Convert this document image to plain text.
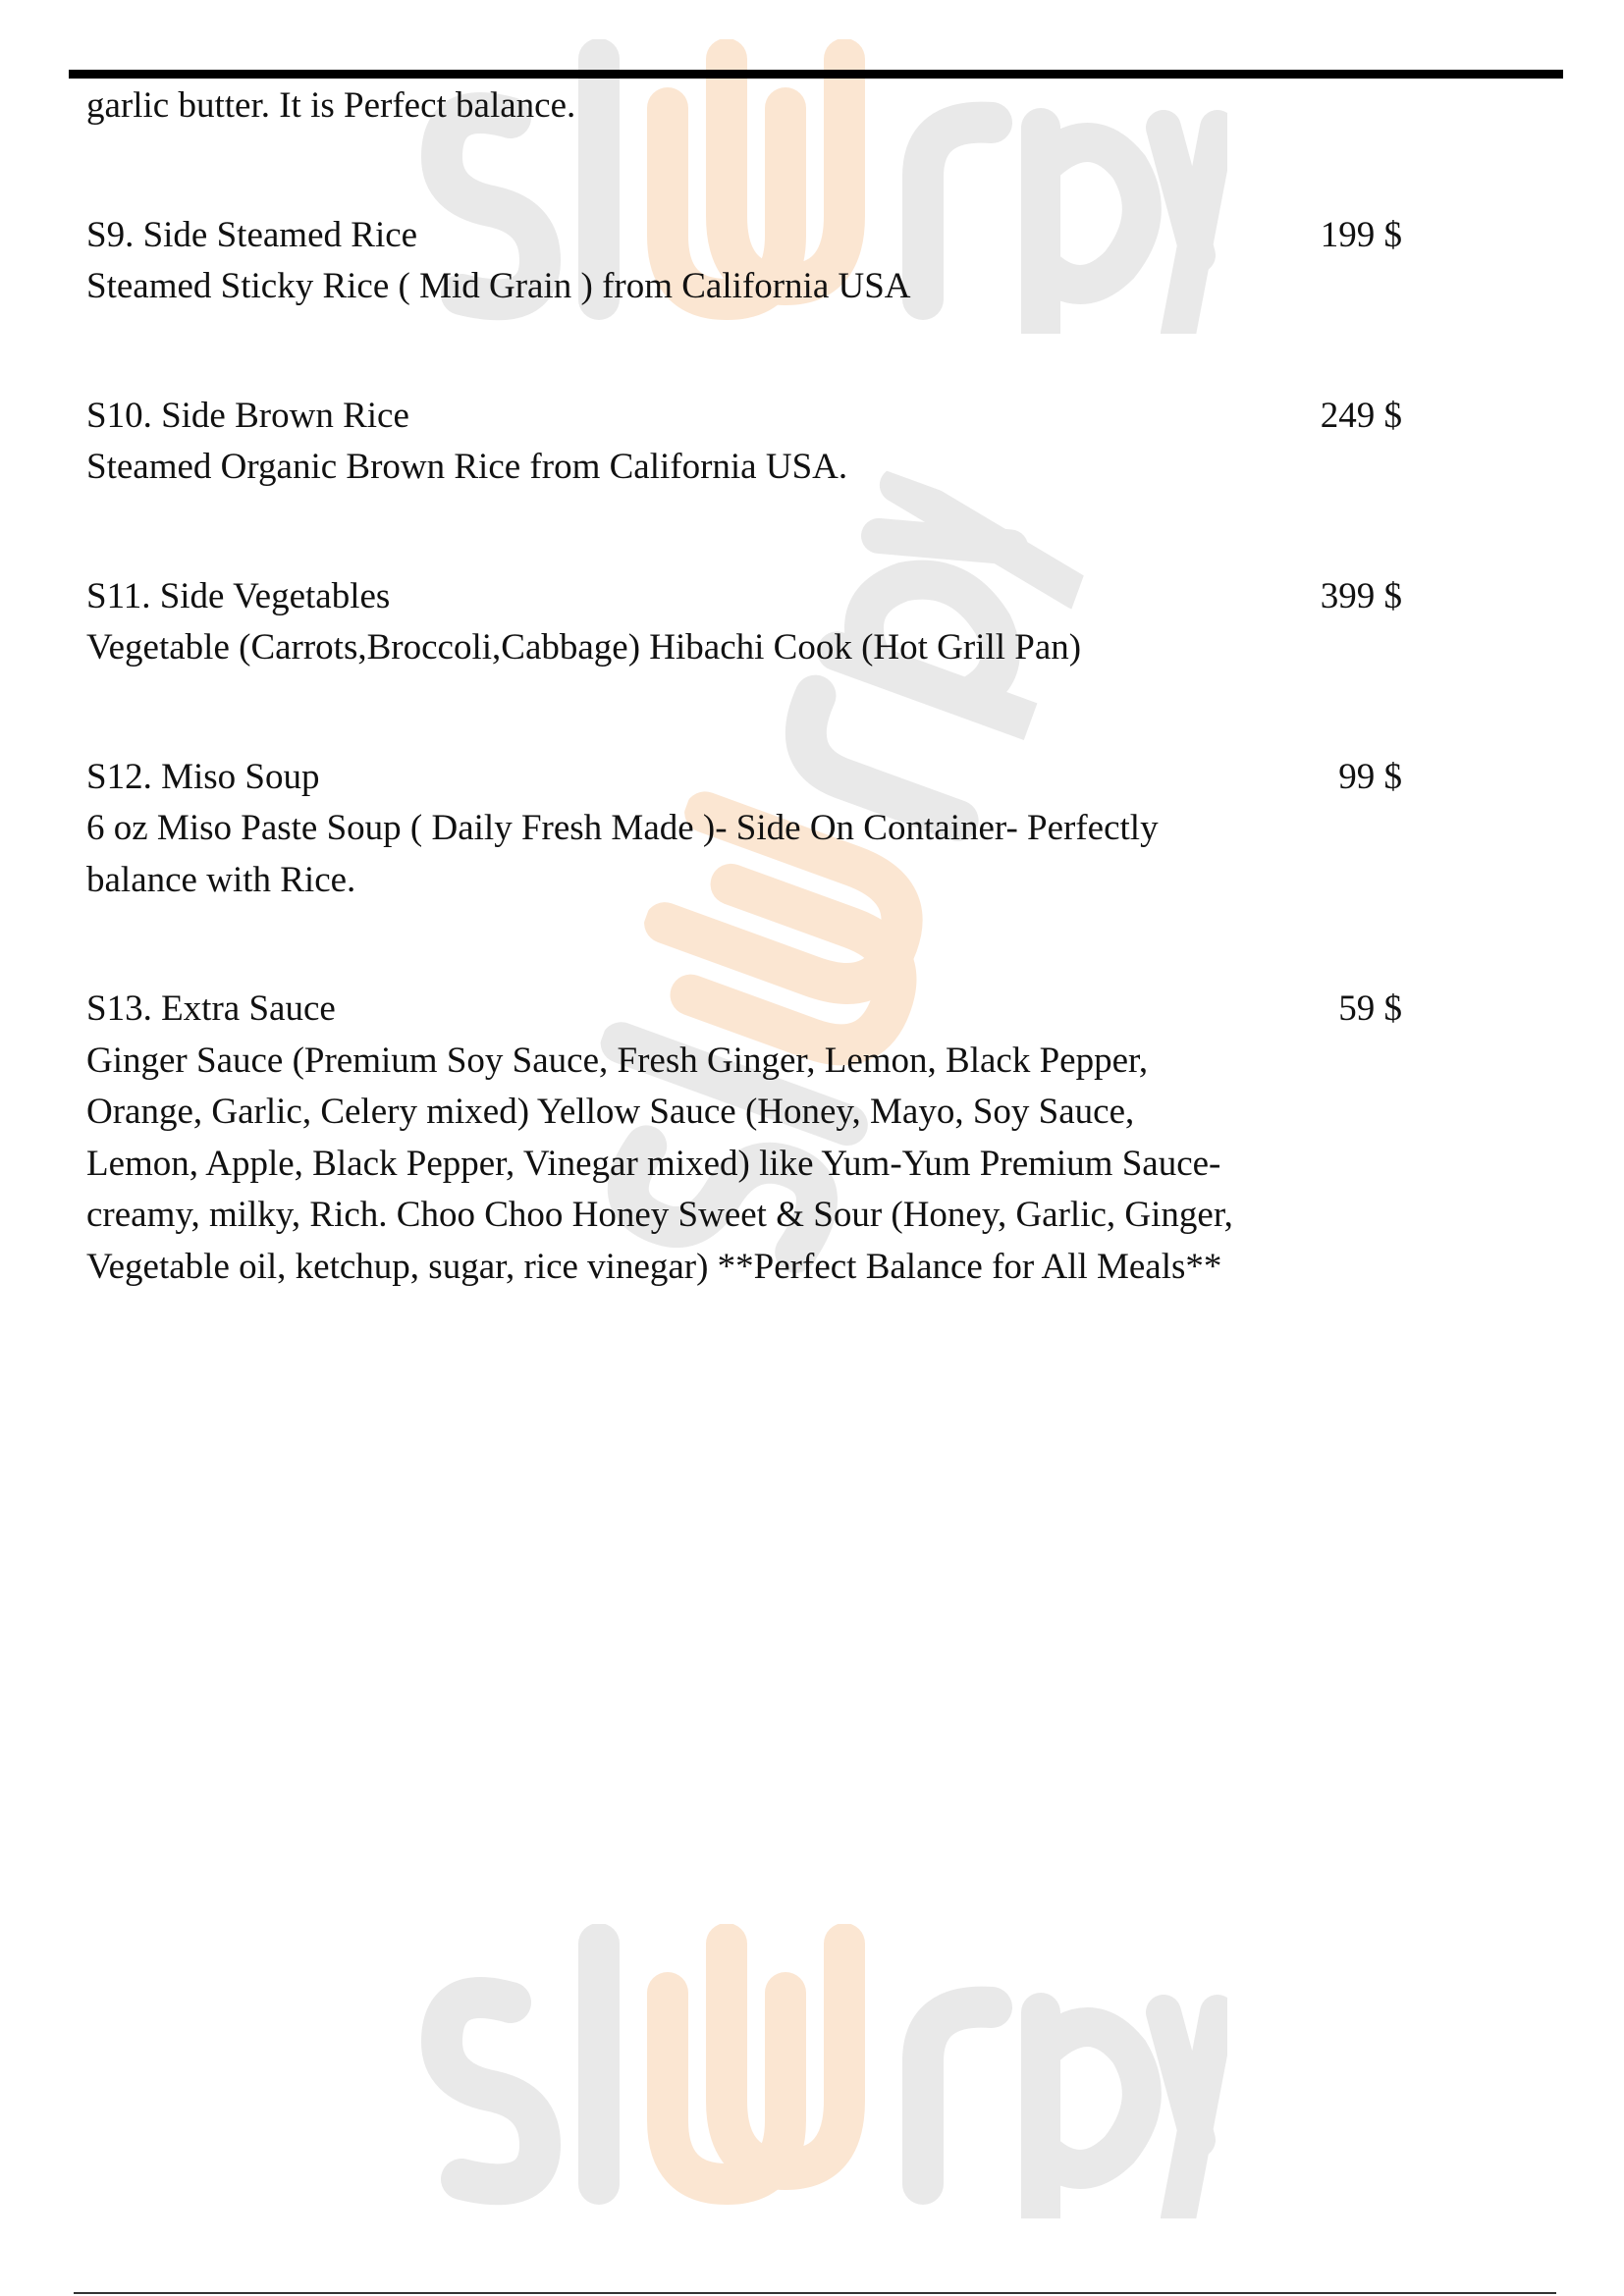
garlic butter. It is Perfect balance.
S9. Side Steamed Rice	199 $
Steamed Sticky Rice ( Mid Grain ) from California USA
S10. Side Brown Rice	249 $
Steamed Organic Brown Rice from California USA.
S11. Side Vegetables	399 $
Vegetable (Carrots,Broccoli,Cabbage) Hibachi Cook (Hot Grill Pan)
S12. Miso Soup	99 $
6 oz Miso Paste Soup ( Daily Fresh Made )- Side On Container- Perfectly balance with Rice.
S13. Extra Sauce	59 $
Ginger Sauce (Premium Soy Sauce, Fresh Ginger, Lemon, Black Pepper, Orange, Garlic, Celery mixed) Yellow Sauce (Honey, Mayo, Soy Sauce, Lemon, Apple, Black Pepper, Vinegar mixed) like Yum-Yum Premium Sauce- creamy, milky, Rich. Choo Choo Honey Sweet & Sour (Honey, Garlic, Ginger, Vegetable oil, ketchup, sugar, rice vinegar) **Perfect Balance for All Meals**
